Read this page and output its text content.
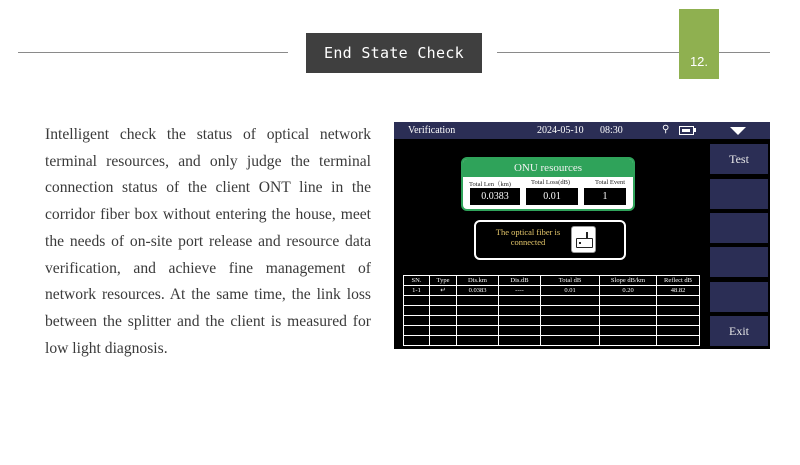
End State Check	12.
Intelligent check the status of optical network terminal resources, and only judge the terminal connection status of the client ONT line in the corridor fiber box without entering the house, meet the needs of on-site port release and resource data verification, and achieve fine management of network resources. At the same time, the link loss between the splitter and the client is measured for low light diagnosis.
Verification	2024-05-10 08:30	⚲
Test
Exit
ONU resources
Total Len（km)	Total Loss(dB)	Total Event
0.0383	0.01	1
The optical fiber is connected
SN.	Type	Dis.km	Dis.dB	Total dB	Slope dB/km	Reflect dB
1-1	↵	0.0383	----	0.01	0.20	48.82
